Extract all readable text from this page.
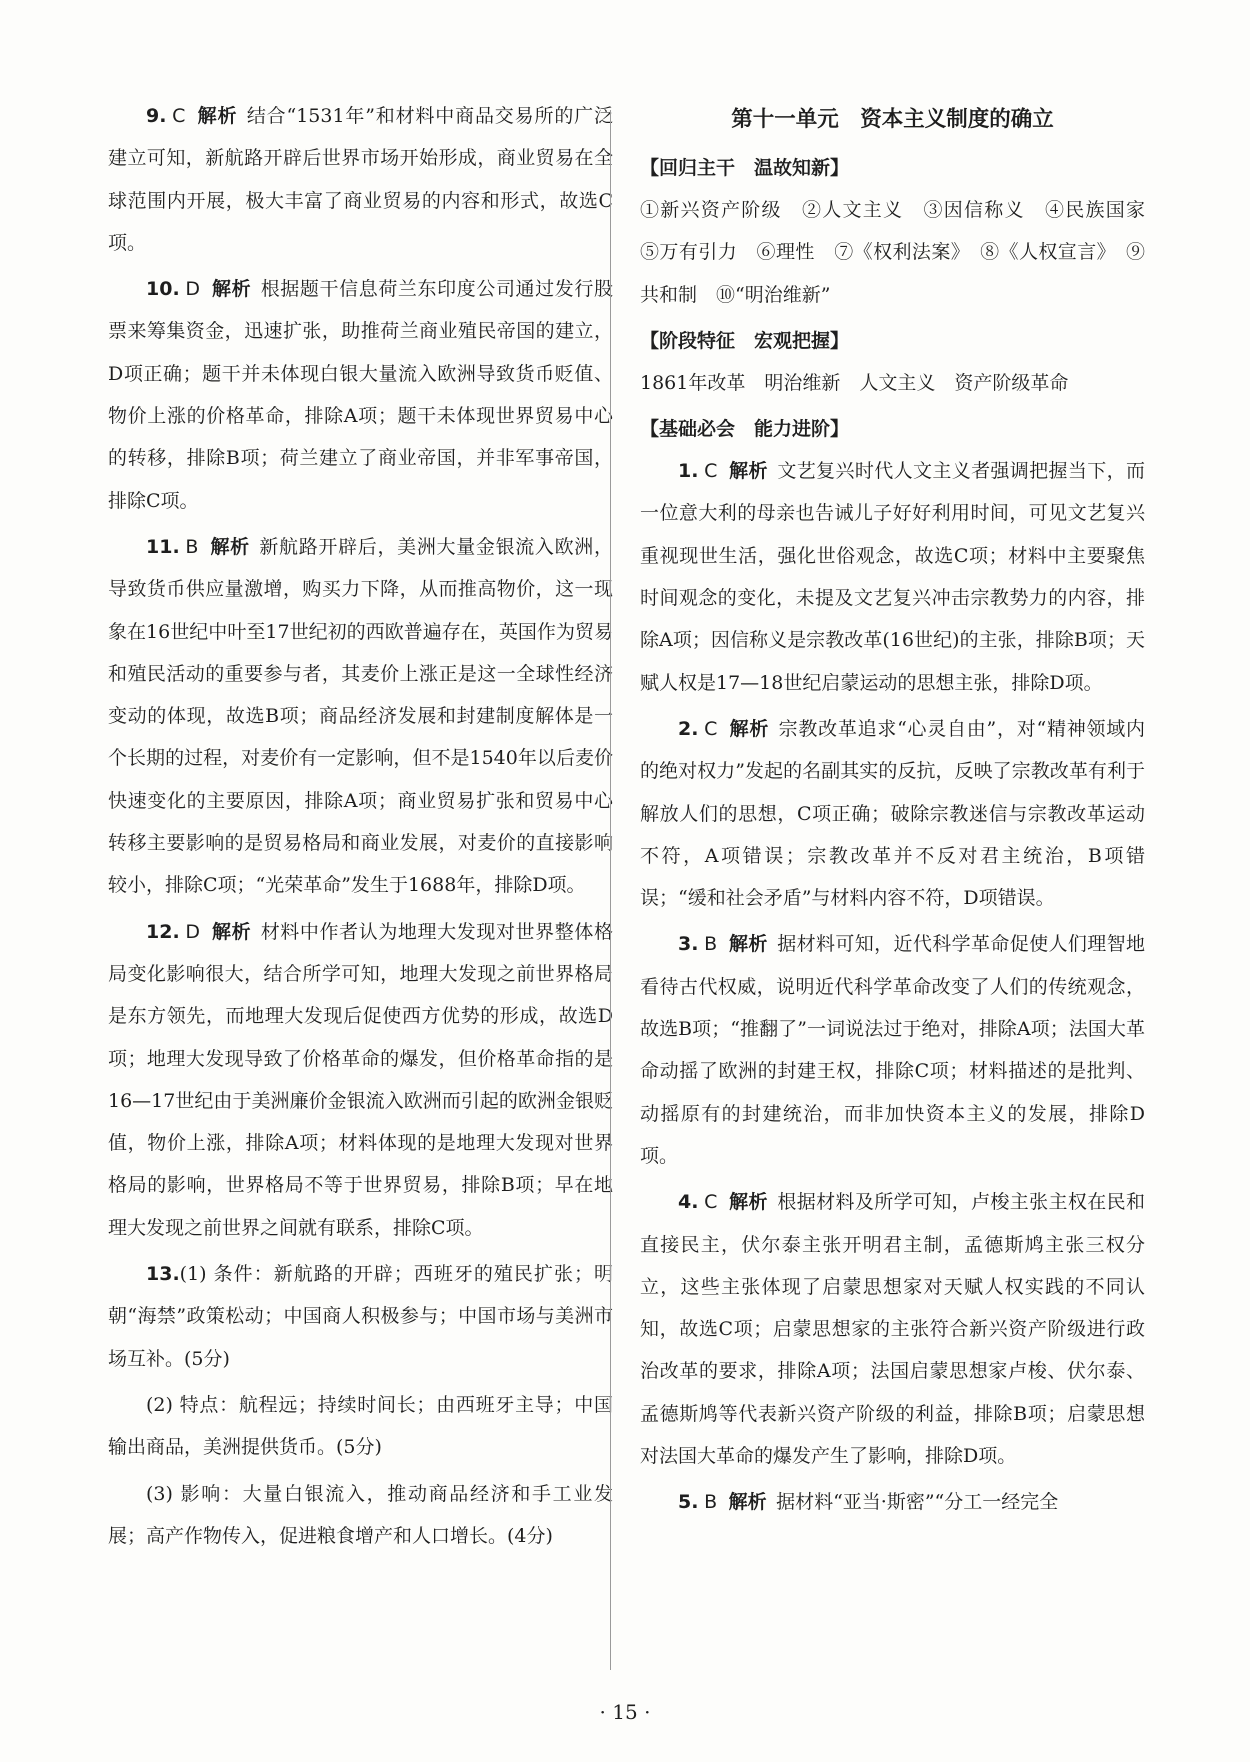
9. C 解析 结合“1531年”和材料中商品交易所的广泛建立可知，新航路开辟后世界市场开始形成，商业贸易在全球范围内开展，极大丰富了商业贸易的内容和形式，故选C项。

10. D 解析 根据题干信息荷兰东印度公司通过发行股票来筹集资金，迅速扩张，助推荷兰商业殖民帝国的建立，D项正确；题干并未体现白银大量流入欧洲导致货币贬值、物价上涨的价格革命，排除A项；题干未体现世界贸易中心的转移，排除B项；荷兰建立了商业帝国，并非军事帝国，排除C项。

11. B 解析 新航路开辟后，美洲大量金银流入欧洲，导致货币供应量激增，购买力下降，从而推高物价，这一现象在16世纪中叶至17世纪初的西欧普遍存在，英国作为贸易和殖民活动的重要参与者，其麦价上涨正是这一全球性经济变动的体现，故选B项；商品经济发展和封建制度解体是一个长期的过程，对麦价有一定影响，但不是1540年以后麦价快速变化的主要原因，排除A项；商业贸易扩张和贸易中心转移主要影响的是贸易格局和商业发展，对麦价的直接影响较小，排除C项；“光荣革命”发生于1688年，排除D项。

12. D 解析 材料中作者认为地理大发现对世界整体格局变化影响很大，结合所学可知，地理大发现之前世界格局是东方领先，而地理大发现后促使西方优势的形成，故选D项；地理大发现导致了价格革命的爆发，但价格革命指的是16—17世纪由于美洲廉价金银流入欧洲而引起的欧洲金银贬值，物价上涨，排除A项；材料体现的是地理大发现对世界格局的影响，世界格局不等于世界贸易，排除B项；早在地理大发现之前世界之间就有联系，排除C项。

13.(1) 条件：新航路的开辟；西班牙的殖民扩张；明朝“海禁”政策松动；中国商人积极参与；中国市场与美洲市场互补。(5分)

(2) 特点：航程远；持续时间长；由西班牙主导；中国输出商品，美洲提供货币。(5分)

(3) 影响：大量白银流入，推动商品经济和手工业发展；高产作物传入，促进粮食增产和人口增长。(4分)

第十一单元　资本主义制度的确立
【回归主干　温故知新】

①新兴资产阶级　②人文主义　③因信称义　④民族国家　⑤万有引力　⑥理性　⑦《权利法案》　⑧《人权宣言》　⑨共和制　⑩“明治维新”

【阶段特征　宏观把握】

1861年改革　明治维新　人文主义　资产阶级革命

【基础必会　能力进阶】

1. C 解析 文艺复兴时代人文主义者强调把握当下，而一位意大利的母亲也告诫儿子好好利用时间，可见文艺复兴重视现世生活，强化世俗观念，故选C项；材料中主要聚焦时间观念的变化，未提及文艺复兴冲击宗教势力的内容，排除A项；因信称义是宗教改革(16世纪)的主张，排除B项；天赋人权是17—18世纪启蒙运动的思想主张，排除D项。

2. C 解析 宗教改革追求“心灵自由”，对“精神领域内的绝对权力”发起的名副其实的反抗，反映了宗教改革有利于解放人们的思想，C项正确；破除宗教迷信与宗教改革运动不符，A项错误；宗教改革并不反对君主统治，B项错误；“缓和社会矛盾”与材料内容不符，D项错误。

3. B 解析 据材料可知，近代科学革命促使人们理智地看待古代权威，说明近代科学革命改变了人们的传统观念，故选B项；“推翻了”一词说法过于绝对，排除A项；法国大革命动摇了欧洲的封建王权，排除C项；材料描述的是批判、动摇原有的封建统治，而非加快资本主义的发展，排除D项。

4. C 解析 根据材料及所学可知，卢梭主张主权在民和直接民主，伏尔泰主张开明君主制，孟德斯鸠主张三权分立，这些主张体现了启蒙思想家对天赋人权实践的不同认知，故选C项；启蒙思想家的主张符合新兴资产阶级进行政治改革的要求，排除A项；法国启蒙思想家卢梭、伏尔泰、孟德斯鸠等代表新兴资产阶级的利益，排除B项；启蒙思想对法国大革命的爆发产生了影响，排除D项。

5. B 解析 据材料“亚当·斯密”“分工一经完全

· 15 ·
